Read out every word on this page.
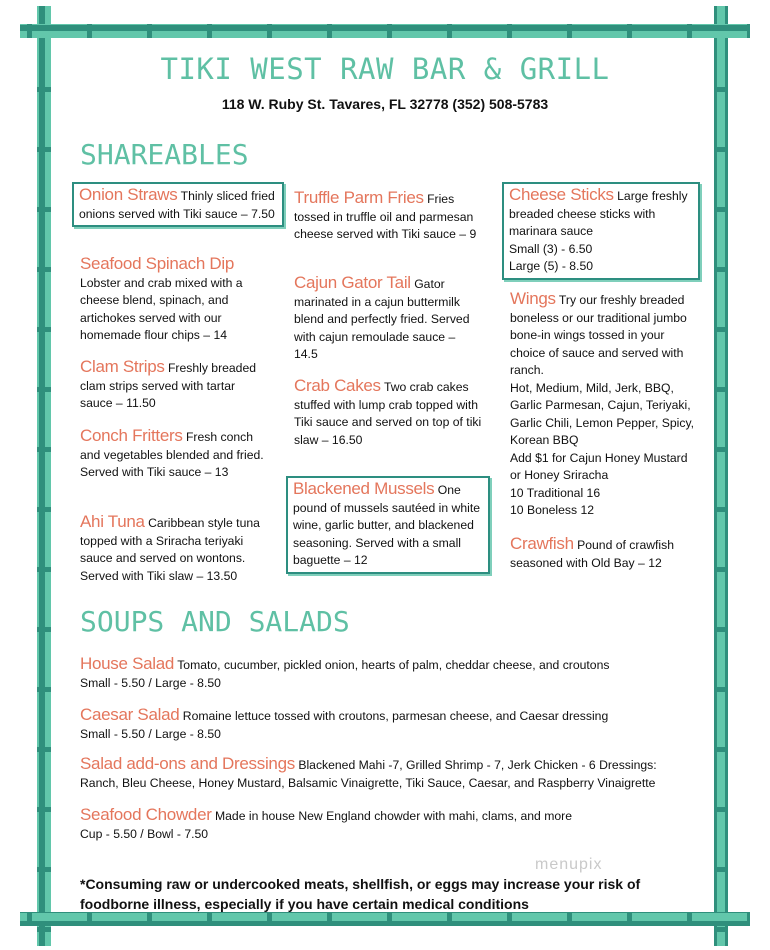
TIKI WEST RAW BAR & GRILL
118 W. Ruby St. Tavares, FL 32778 (352) 508-5783
SHAREABLES
Onion Straws Thinly sliced fried onions served with Tiki sauce – 7.50
Seafood Spinach Dip
Lobster and crab mixed with a cheese blend, spinach, and artichokes served with our homemade flour chips – 14
Clam Strips Freshly breaded clam strips served with tartar sauce – 11.50
Conch Fritters Fresh conch and vegetables blended and fried. Served with Tiki sauce – 13
Ahi Tuna Caribbean style tuna topped with a Sriracha teriyaki sauce and served on wontons. Served with Tiki slaw – 13.50
Truffle Parm Fries Fries tossed in truffle oil and parmesan cheese served with Tiki sauce – 9
Cajun Gator Tail Gator marinated in a cajun buttermilk blend and perfectly fried. Served with cajun remoulade sauce – 14.5
Crab Cakes Two crab cakes stuffed with lump crab topped with Tiki sauce and served on top of tiki slaw – 16.50
Blackened Mussels One pound of mussels sautéed in white wine, garlic butter, and blackened seasoning. Served with a small baguette – 12
Cheese Sticks Large freshly breaded cheese sticks with marinara sauce
Small (3) - 6.50
Large (5) - 8.50
Wings Try our freshly breaded boneless or our traditional jumbo bone-in wings tossed in your choice of sauce and served with ranch.
Hot, Medium, Mild, Jerk, BBQ, Garlic Parmesan, Cajun, Teriyaki, Garlic Chili, Lemon Pepper, Spicy, Korean BBQ
Add $1 for Cajun Honey Mustard or Honey Sriracha
10 Traditional 16
10 Boneless 12
Crawfish Pound of crawfish seasoned with Old Bay – 12
SOUPS AND SALADS
House Salad Tomato, cucumber, pickled onion, hearts of palm, cheddar cheese, and croutons
Small - 5.50 / Large - 8.50
Caesar Salad Romaine lettuce tossed with croutons, parmesan cheese, and Caesar dressing
Small - 5.50 / Large - 8.50
Salad add-ons and Dressings Blackened Mahi -7, Grilled Shrimp - 7, Jerk Chicken - 6 Dressings:
Ranch, Bleu Cheese, Honey Mustard, Balsamic Vinaigrette, Tiki Sauce, Caesar, and Raspberry Vinaigrette
Seafood Chowder Made in house New England chowder with mahi, clams, and more
Cup - 5.50 / Bowl - 7.50
menupix
*Consuming raw or undercooked meats, shellfish, or eggs may increase your risk of foodborne illness, especially if you have certain medical conditions
